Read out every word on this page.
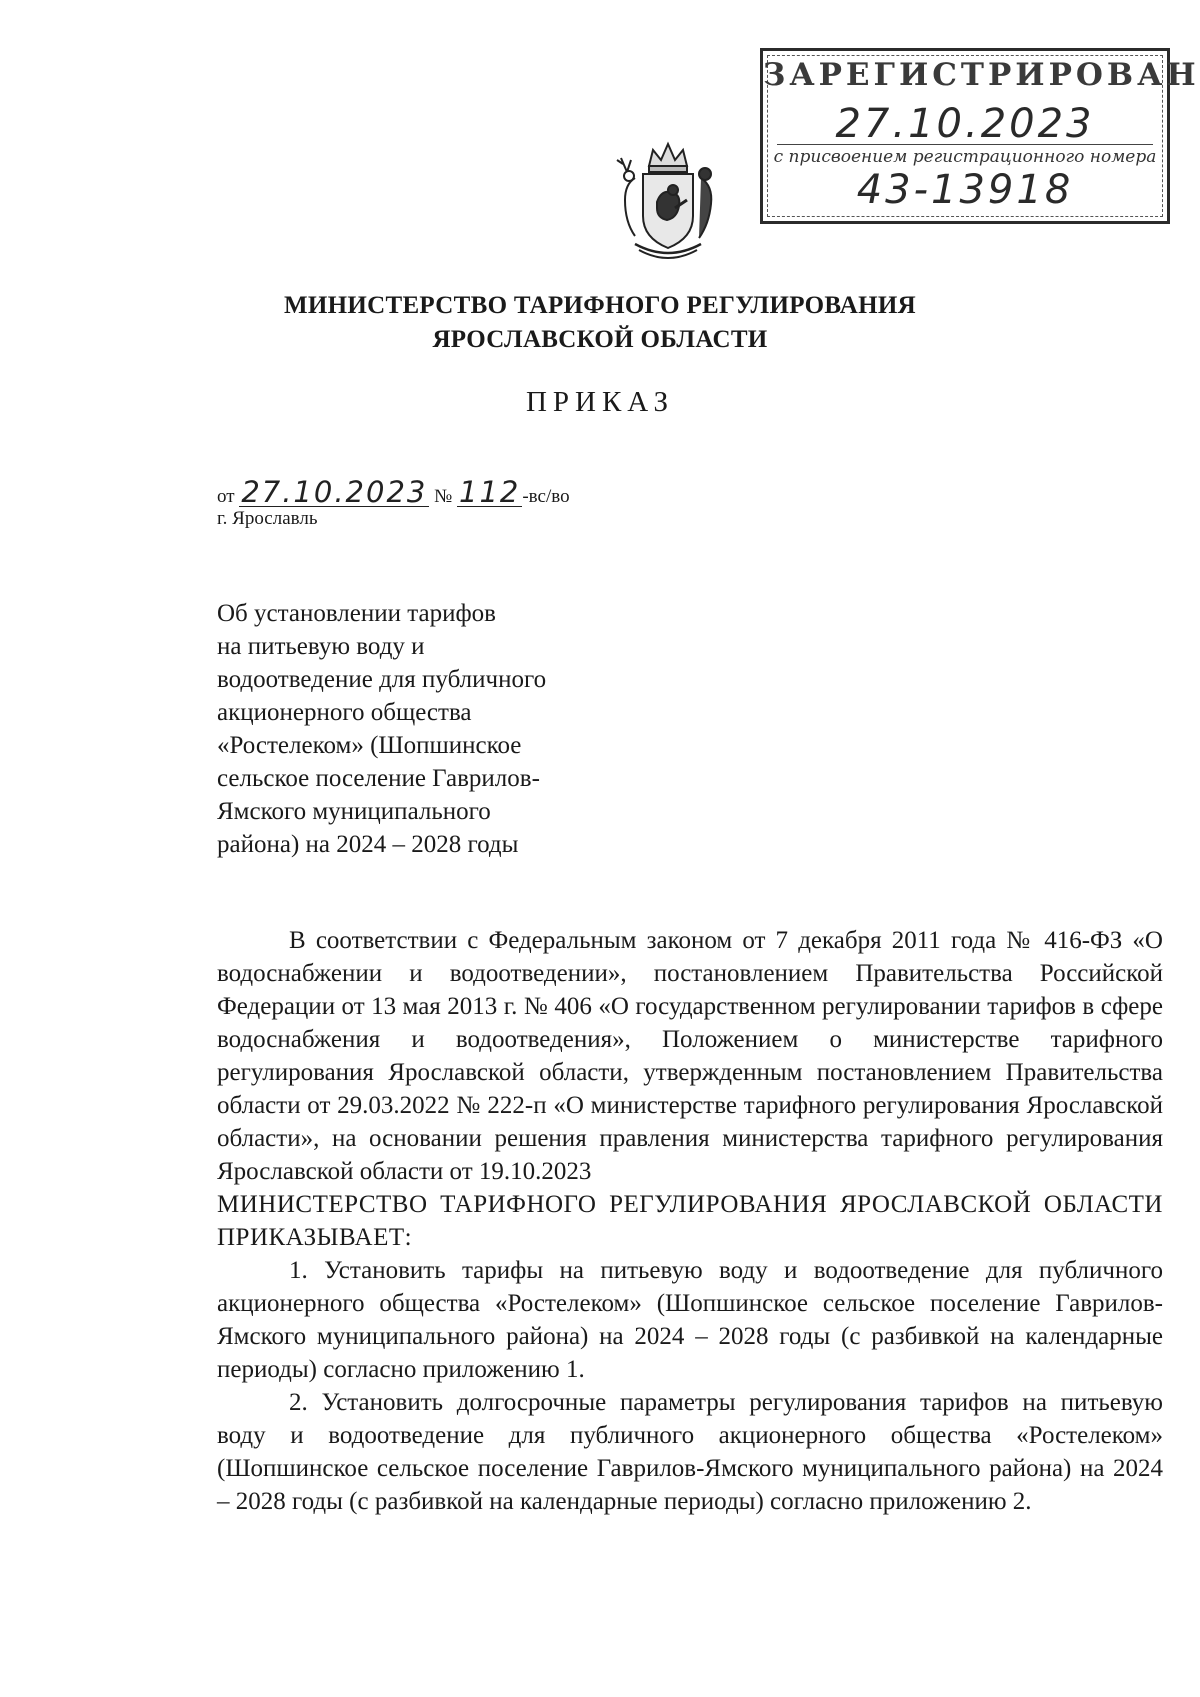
ЗАРЕГИСТРИРОВАН
27.10.2023
с присвоением регистрационного номера
43-13918
МИНИСТЕРСТВО ТАРИФНОГО РЕГУЛИРОВАНИЯ
ЯРОСЛАВСКОЙ ОБЛАСТИ
ПРИКАЗ
от 27.10.2023 № 112 -вс/во
г. Ярославль
Об установлении тарифов
на питьевую воду и
водоотведение для публичного
акционерного общества
«Ростелеком» (Шопшинское
сельское поселение Гаврилов-
Ямского муниципального
района) на 2024 – 2028 годы

В соответствии с Федеральным законом от 7 декабря 2011 года № 416-ФЗ «О водоснабжении и водоотведении», постановлением Правительства Российской Федерации от 13 мая 2013 г. № 406 «О государственном регулировании тарифов в сфере водоснабжения и водоотведения», Положением о министерстве тарифного регулирования Ярославской области, утвержденным постановлением Правительства области от 29.03.2022 № 222-п «О министерстве тарифного регулирования Ярославской области», на основании решения правления министерства тарифного регулирования Ярославской области от 19.10.2023

МИНИСТЕРСТВО ТАРИФНОГО РЕГУЛИРОВАНИЯ ЯРОСЛАВСКОЙ ОБЛАСТИ ПРИКАЗЫВАЕТ:

1. Установить тарифы на питьевую воду и водоотведение для публичного акционерного общества «Ростелеком» (Шопшинское сельское поселение Гаврилов-Ямского муниципального района) на 2024 – 2028 годы (с разбивкой на календарные периоды) согласно приложению 1.

2. Установить долгосрочные параметры регулирования тарифов на питьевую воду и водоотведение для публичного акционерного общества «Ростелеком» (Шопшинское сельское поселение Гаврилов-Ямского муниципального района) на 2024 – 2028 годы (с разбивкой на календарные периоды) согласно приложению 2.
